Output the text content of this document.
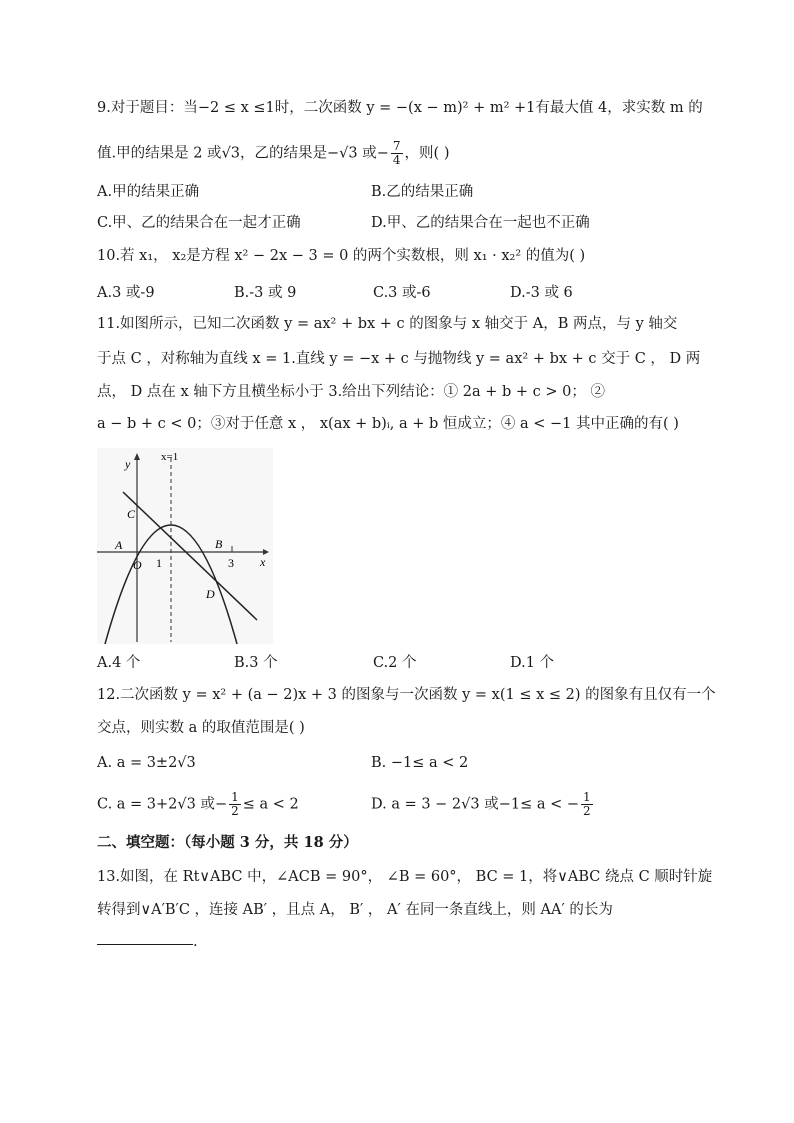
9.对于题目：当−2 ≤ x ≤1时，二次函数 y = −(x − m)² + m² +1有最大值 4，求实数 m 的
值.甲的结果是 2 或√3，乙的结果是−√3 或− $\frac{7}{4}$ ，则( )
A.甲的结果正确	B.乙的结果正确
C.甲、乙的结果合在一起才正确	D.甲、乙的结果合在一起也不正确
10.若 x₁， x₂是方程 x² − 2x − 3 = 0 的两个实数根，则 x₁ · x₂² 的值为( )
A.3 或-9	B.-3 或 9	C.3 或-6	D.-3 或 6
11.如图所示，已知二次函数 y = ax² + bx + c 的图象与 x 轴交于 A，B 两点，与 y 轴交
于点 C ，对称轴为直线 x = 1.直线 y = −x + c 与抛物线 y = ax² + bx + c 交于 C ， D 两
点， D 点在 x 轴下方且横坐标小于 3.给出下列结论：① 2a + b + c > 0； ②
a − b + c < 0；③对于任意 x ， x(ax + b)ᵢ, a + b 恒成立；④ a < −1 其中正确的有( )
y
x
x=1
C
A
O 1
B
3
D
A.4 个	B.3 个	C.2 个	D.1 个
12.二次函数 y = x² + (a − 2)x + 3 的图象与一次函数 y = x(1 ≤ x ≤ 2) 的图象有且仅有一个
交点，则实数 a 的取值范围是( )
A. a = 3±2√3	B. −1≤ a < 2
C. a = 3+2√3 或− $\frac{1}{2} \le a < 2$	D. a = 3 − 2√3 或−1≤ a < − $\frac{1}{2}$
二、填空题：（每小题 3 分，共 18 分）
13.如图，在 Rt∨ABC 中，∠ACB = 90°， ∠B = 60°， BC = 1，将∨ABC 绕点 C 顺时针旋
转得到∨A′B′C ，连接 AB′ ，且点 A， B′ ， A′ 在同一条直线上，则 AA′ 的长为
.
